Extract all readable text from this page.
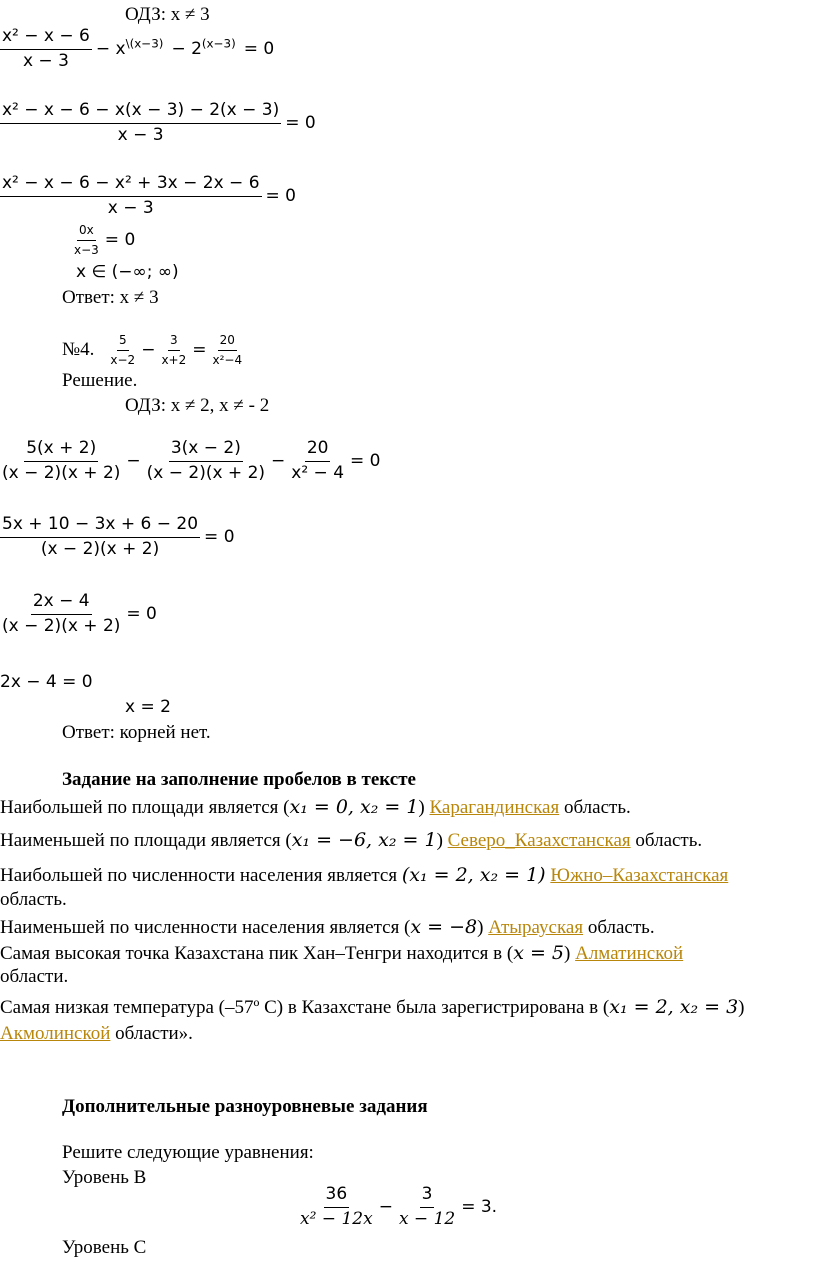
ОДЗ: x ≠ 3
$\frac{\text{x² − x − 6}}{x - 3} - x^{\backslash(x-3)} - 2^{(x-3)} = 0$
$\frac{\text{x² − x − 6 − x(x − 3) − 2(x − 3)}}{x - 3} = 0$
$\frac{\text{x² − x − 6 − x² + 3x − 2x − 6}}{x - 3} = 0$
$\frac{0x}{x-3} = 0$
x ∈ (−∞; ∞)
Ответ: x ≠ 3
№4. $\frac{5}{x-2} - \frac{3}{x+2} = \frac{20}{\text{x²−4}}$
Решение.
ОДЗ: x ≠ 2, x ≠ - 2
$\frac{5(x + 2)}{(x - 2)(x + 2)} - \frac{3(x - 2)}{(x - 2)(x + 2)} - \frac{20}{\text{x² − 4}} = 0$
$\frac{5x + 10 - 3x + 6 - 20}{(x - 2)(x + 2)} = 0$
$\frac{2x - 4}{(x - 2)(x + 2)} = 0$
2x − 4 = 0
x = 2
Ответ: корней нет.
Задание на заполнение пробелов в тексте
Наибольшей по площади является (x₁ = 0, x₂ = 1) Карагандинская область.
Наименьшей по площади является (x₁ = −6, x₂ = 1) Северо_Казахстанская область.
Наибольшей по численности населения является (x₁ = 2, x₂ = 1) Южно–Казахстанская
область.
Наименьшей по численности населения является (x = −8) Атырауская область.
Самая высокая точка Казахстана пик Хан–Тенгри находится в (x = 5) Алматинской
области.
Самая низкая температура (–57º С) в Казахстане была зарегистрирована в (x₁ = 2, x₂ = 3)
Акмолинской области».
Дополнительные разноуровневые задания
Решите следующие уравнения:
Уровень В
$\frac{36}{\text{x² − 12x}} - \frac{3}{x - 12} = 3$.
Уровень С
